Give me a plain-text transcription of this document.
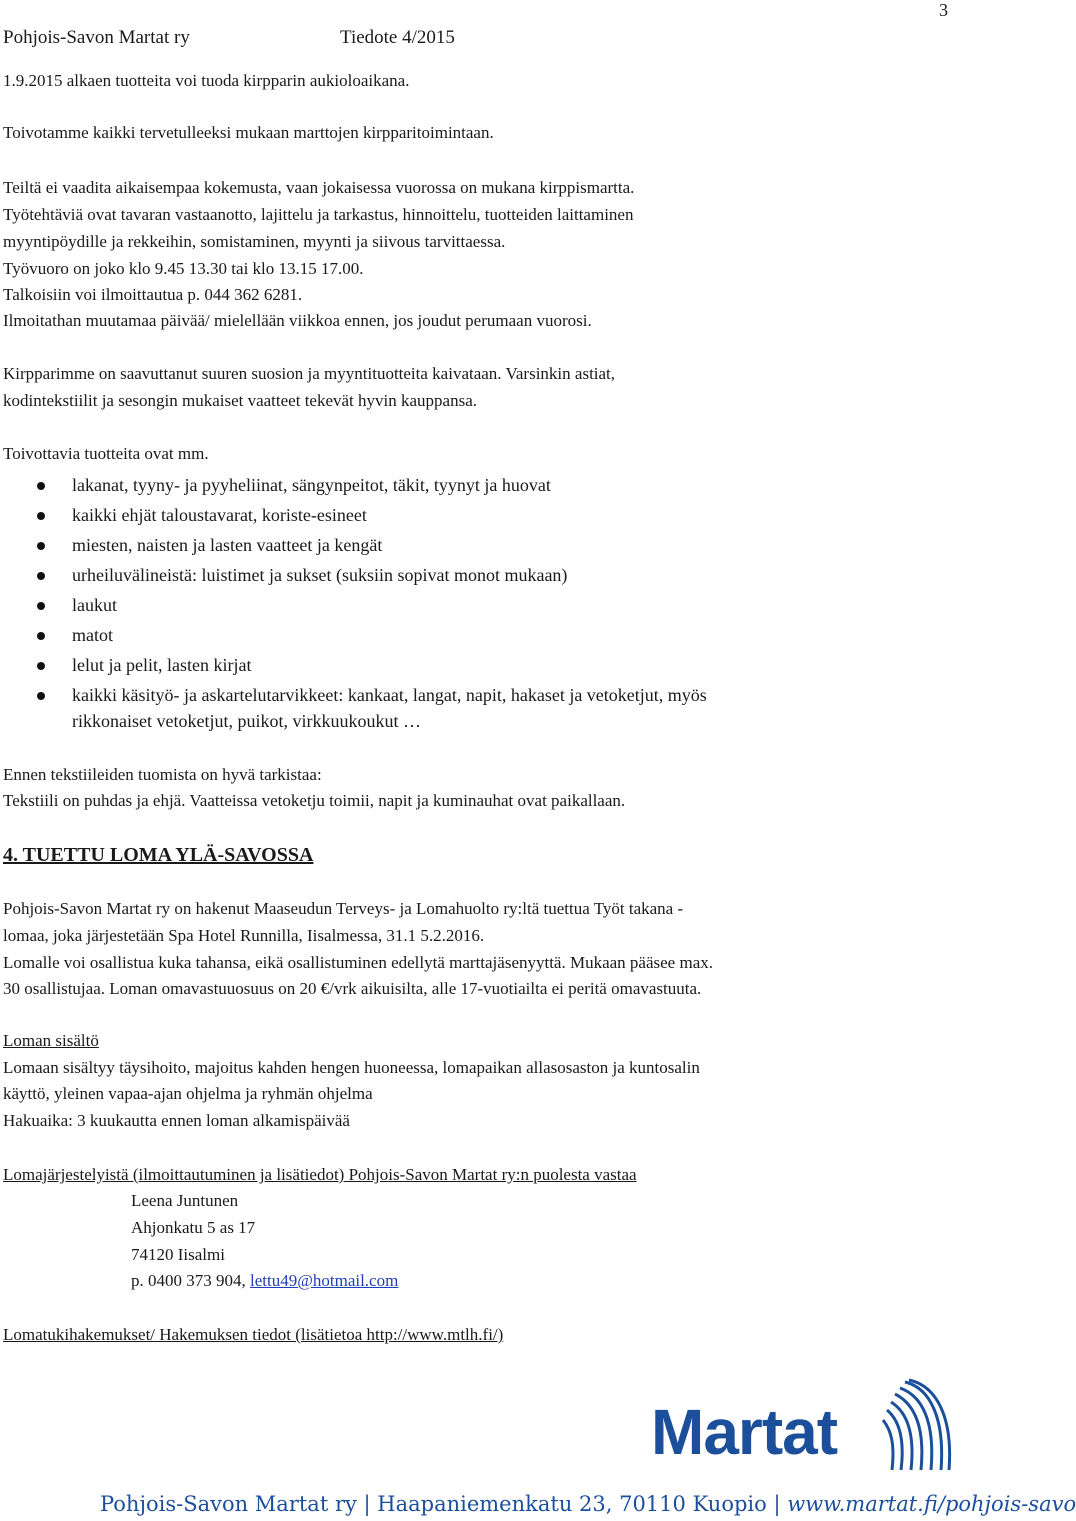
Pohjois-Savon Martat ry	Tiedote 4/2015
3
1.9.2015 alkaen tuotteita voi tuoda kirpparin aukioloaikana.
Toivotamme kaikki tervetulleeksi mukaan marttojen kirpparitoimintaan.
Teiltä ei vaadita aikaisempaa kokemusta, vaan jokaisessa vuorossa on mukana kirppismartta.
Työtehtäviä ovat tavaran vastaanotto, lajittelu ja tarkastus, hinnoittelu, tuotteiden laittaminen
myyntipöydille ja rekkeihin, somistaminen, myynti ja siivous tarvittaessa.
Työvuoro on joko klo 9.45 13.30 tai klo 13.15 17.00.
Talkoisiin voi ilmoittautua p. 044 362 6281.
Ilmoitathan muutamaa päivää/ mielellään viikkoa ennen, jos joudut perumaan vuorosi.
Kirpparimme on saavuttanut suuren suosion ja myyntituotteita kaivataan. Varsinkin astiat,
kodintekstiilit ja sesongin mukaiset vaatteet tekevät hyvin kauppansa.
Toivottavia tuotteita ovat mm.
lakanat, tyyny- ja pyyheliinat, sängynpeitot, täkit, tyynyt ja huovat
kaikki ehjät taloustavarat, koriste-esineet
miesten, naisten ja lasten vaatteet ja kengät
urheiluvälineistä: luistimet ja sukset (suksiin sopivat monot mukaan)
laukut
matot
lelut ja pelit, lasten kirjat
kaikki käsityö- ja askartelutarvikkeet: kankaat, langat, napit, hakaset ja vetoketjut, myös
rikkonaiset vetoketjut, puikot, virkkuukoukut …
Ennen tekstiileiden tuomista on hyvä tarkistaa:
Tekstiili on puhdas ja ehjä. Vaatteissa vetoketju toimii, napit ja kuminauhat ovat paikallaan.
4. TUETTU LOMA YLÄ-SAVOSSA
Pohjois-Savon Martat ry on hakenut Maaseudun Terveys- ja Lomahuolto ry:ltä tuettua Työt takana -
lomaa, joka järjestetään Spa Hotel Runnilla, Iisalmessa, 31.1 5.2.2016.
Lomalle voi osallistua kuka tahansa, eikä osallistuminen edellytä marttajäsenyyttä. Mukaan pääsee max.
30 osallistujaa. Loman omavastuuosuus on 20 €/vrk aikuisilta, alle 17-vuotiailta ei peritä omavastuuta.
Loman sisältö
Lomaan sisältyy täysihoito, majoitus kahden hengen huoneessa, lomapaikan allasosaston ja kuntosalin
käyttö, yleinen vapaa-ajan ohjelma ja ryhmän ohjelma
Hakuaika: 3 kuukautta ennen loman alkamispäivää
Lomajärjestelyistä (ilmoittautuminen ja lisätiedot) Pohjois-Savon Martat ry:n puolesta vastaa
Leena Juntunen
Ahjonkatu 5 as 17
74120 Iisalmi
p. 0400 373 904, lettu49@hotmail.com
Lomatukihakemukset/ Hakemuksen tiedot (lisätietoa http://www.mtlh.fi/)
Martat
Pohjois-Savon Martat ry | Haapaniemenkatu 23, 70110 Kuopio | www.martat.fi/pohjois-savo
